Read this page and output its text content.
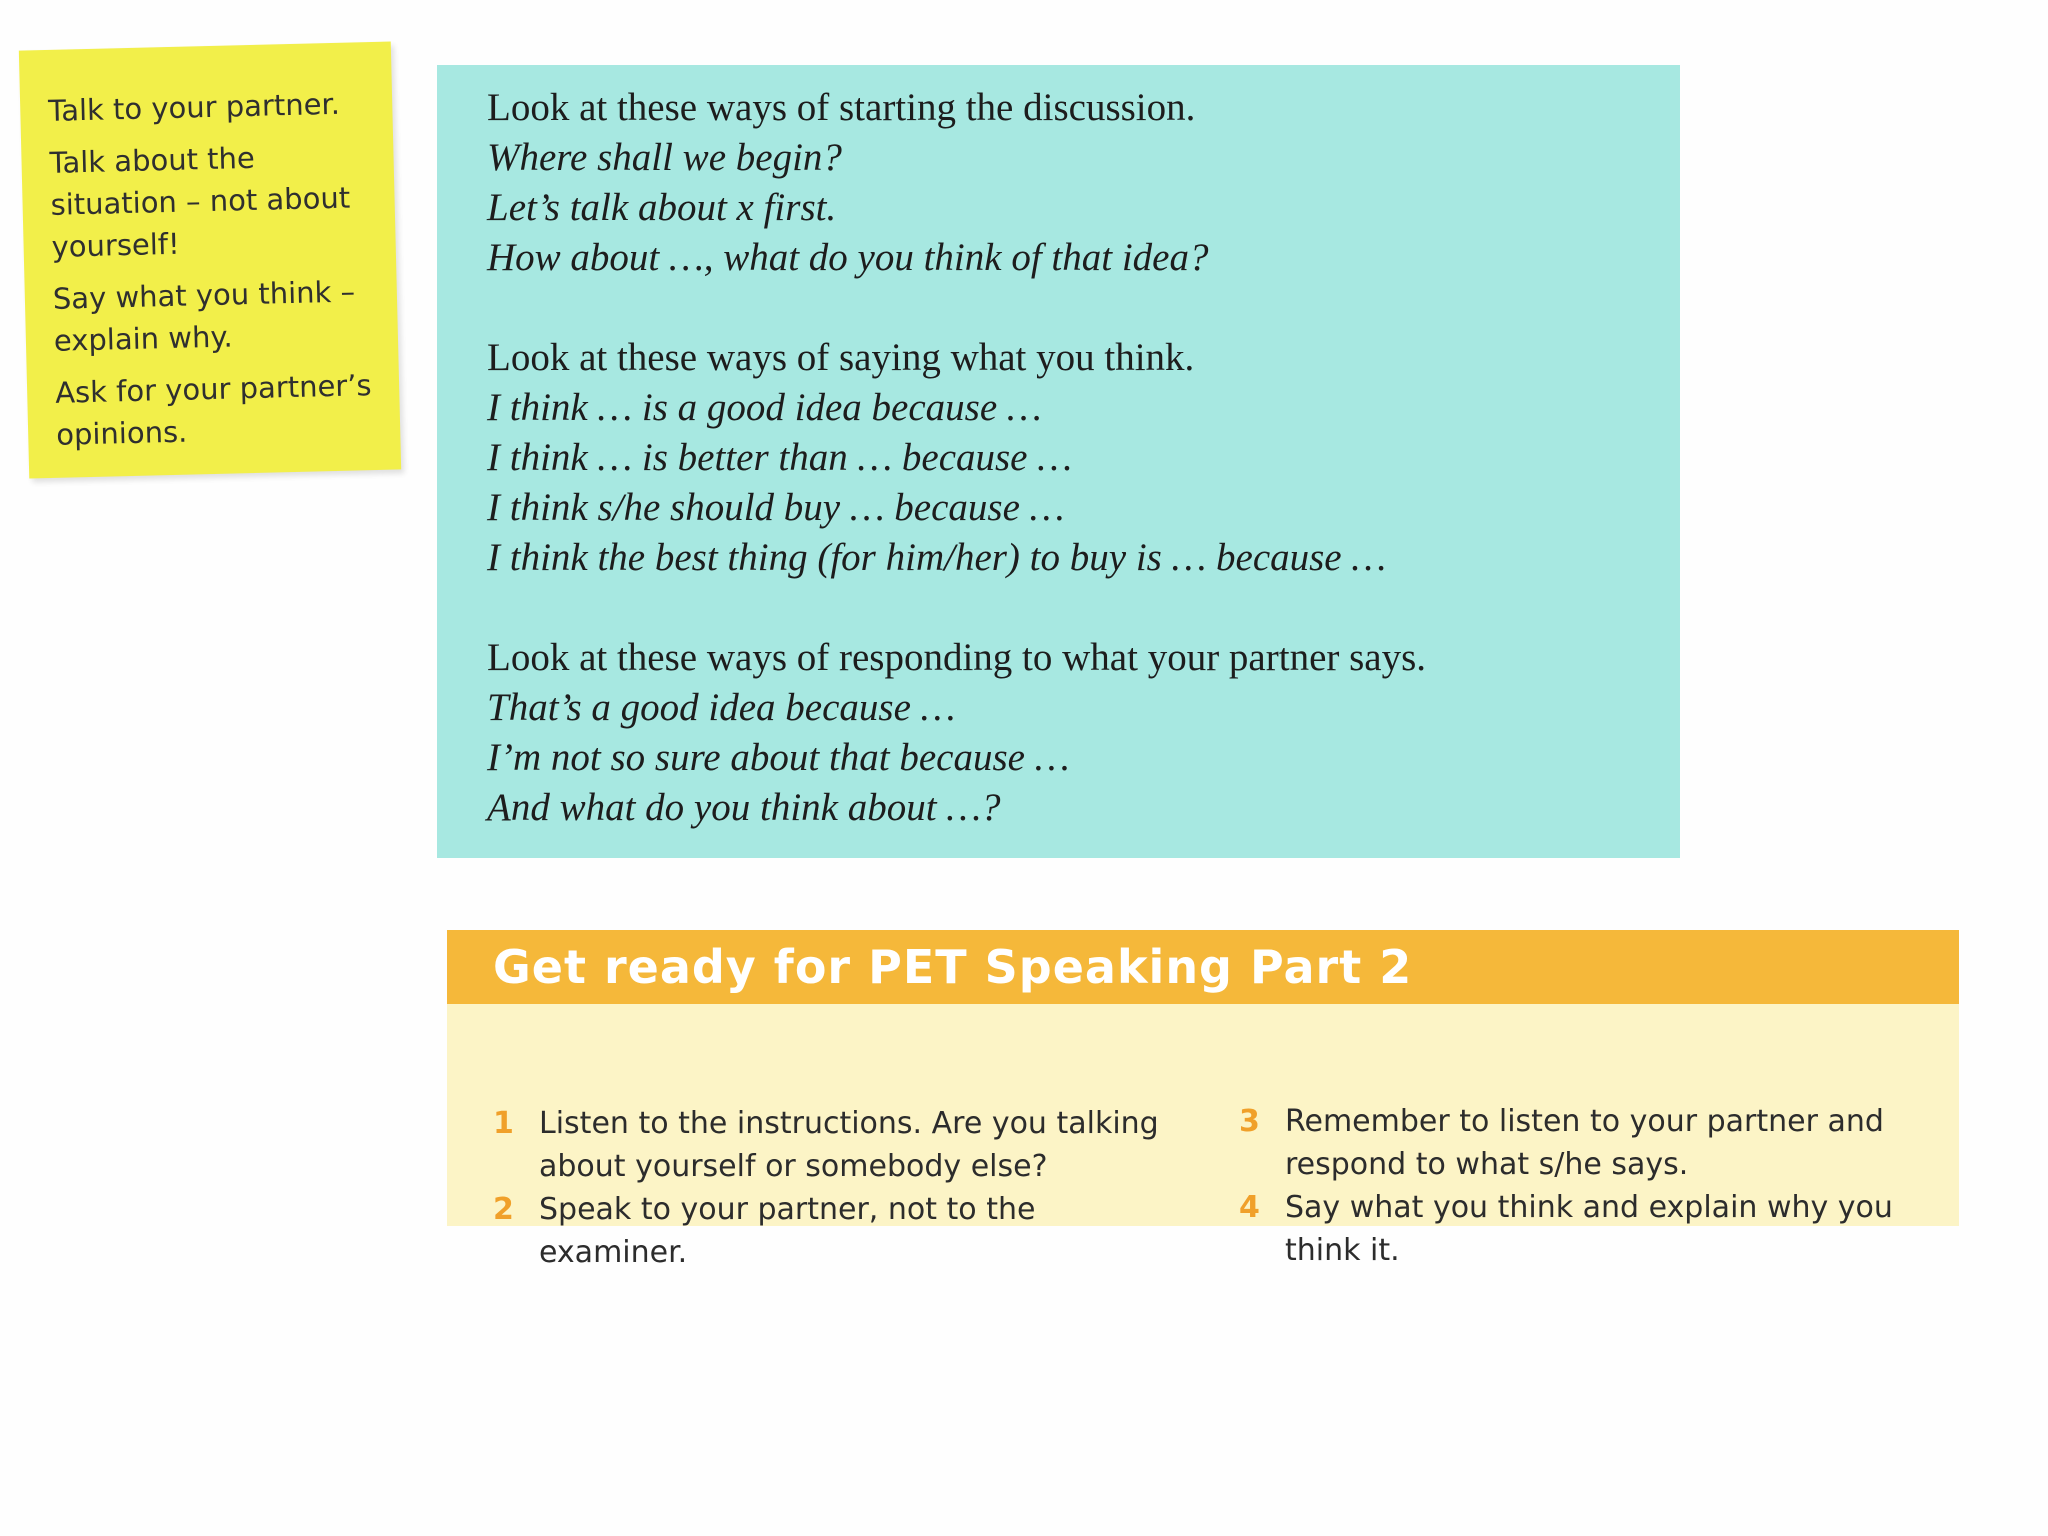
Talk to your partner.

Talk about the situation – not about yourself!

Say what you think – explain why.

Ask for your partner’s opinions.

Look at these ways of starting the discussion.
Where shall we begin?
Let’s talk about x first.
How about …, what do you think of that idea?
Look at these ways of saying what you think.
I think … is a good idea because …
I think … is better than … because …
I think s/he should buy … because …
I think the best thing (for him/her) to buy is … because …
Look at these ways of responding to what your partner says.
That’s a good idea because …
I’m not so sure about that because …
And what do you think about …?
Get ready for PET Speaking Part 2
1 Listen to the instructions. Are you talking about yourself or somebody else?
2 Speak to your partner, not to the examiner.
3 Remember to listen to your partner and respond to what s/he says.
4 Say what you think and explain why you think it.
